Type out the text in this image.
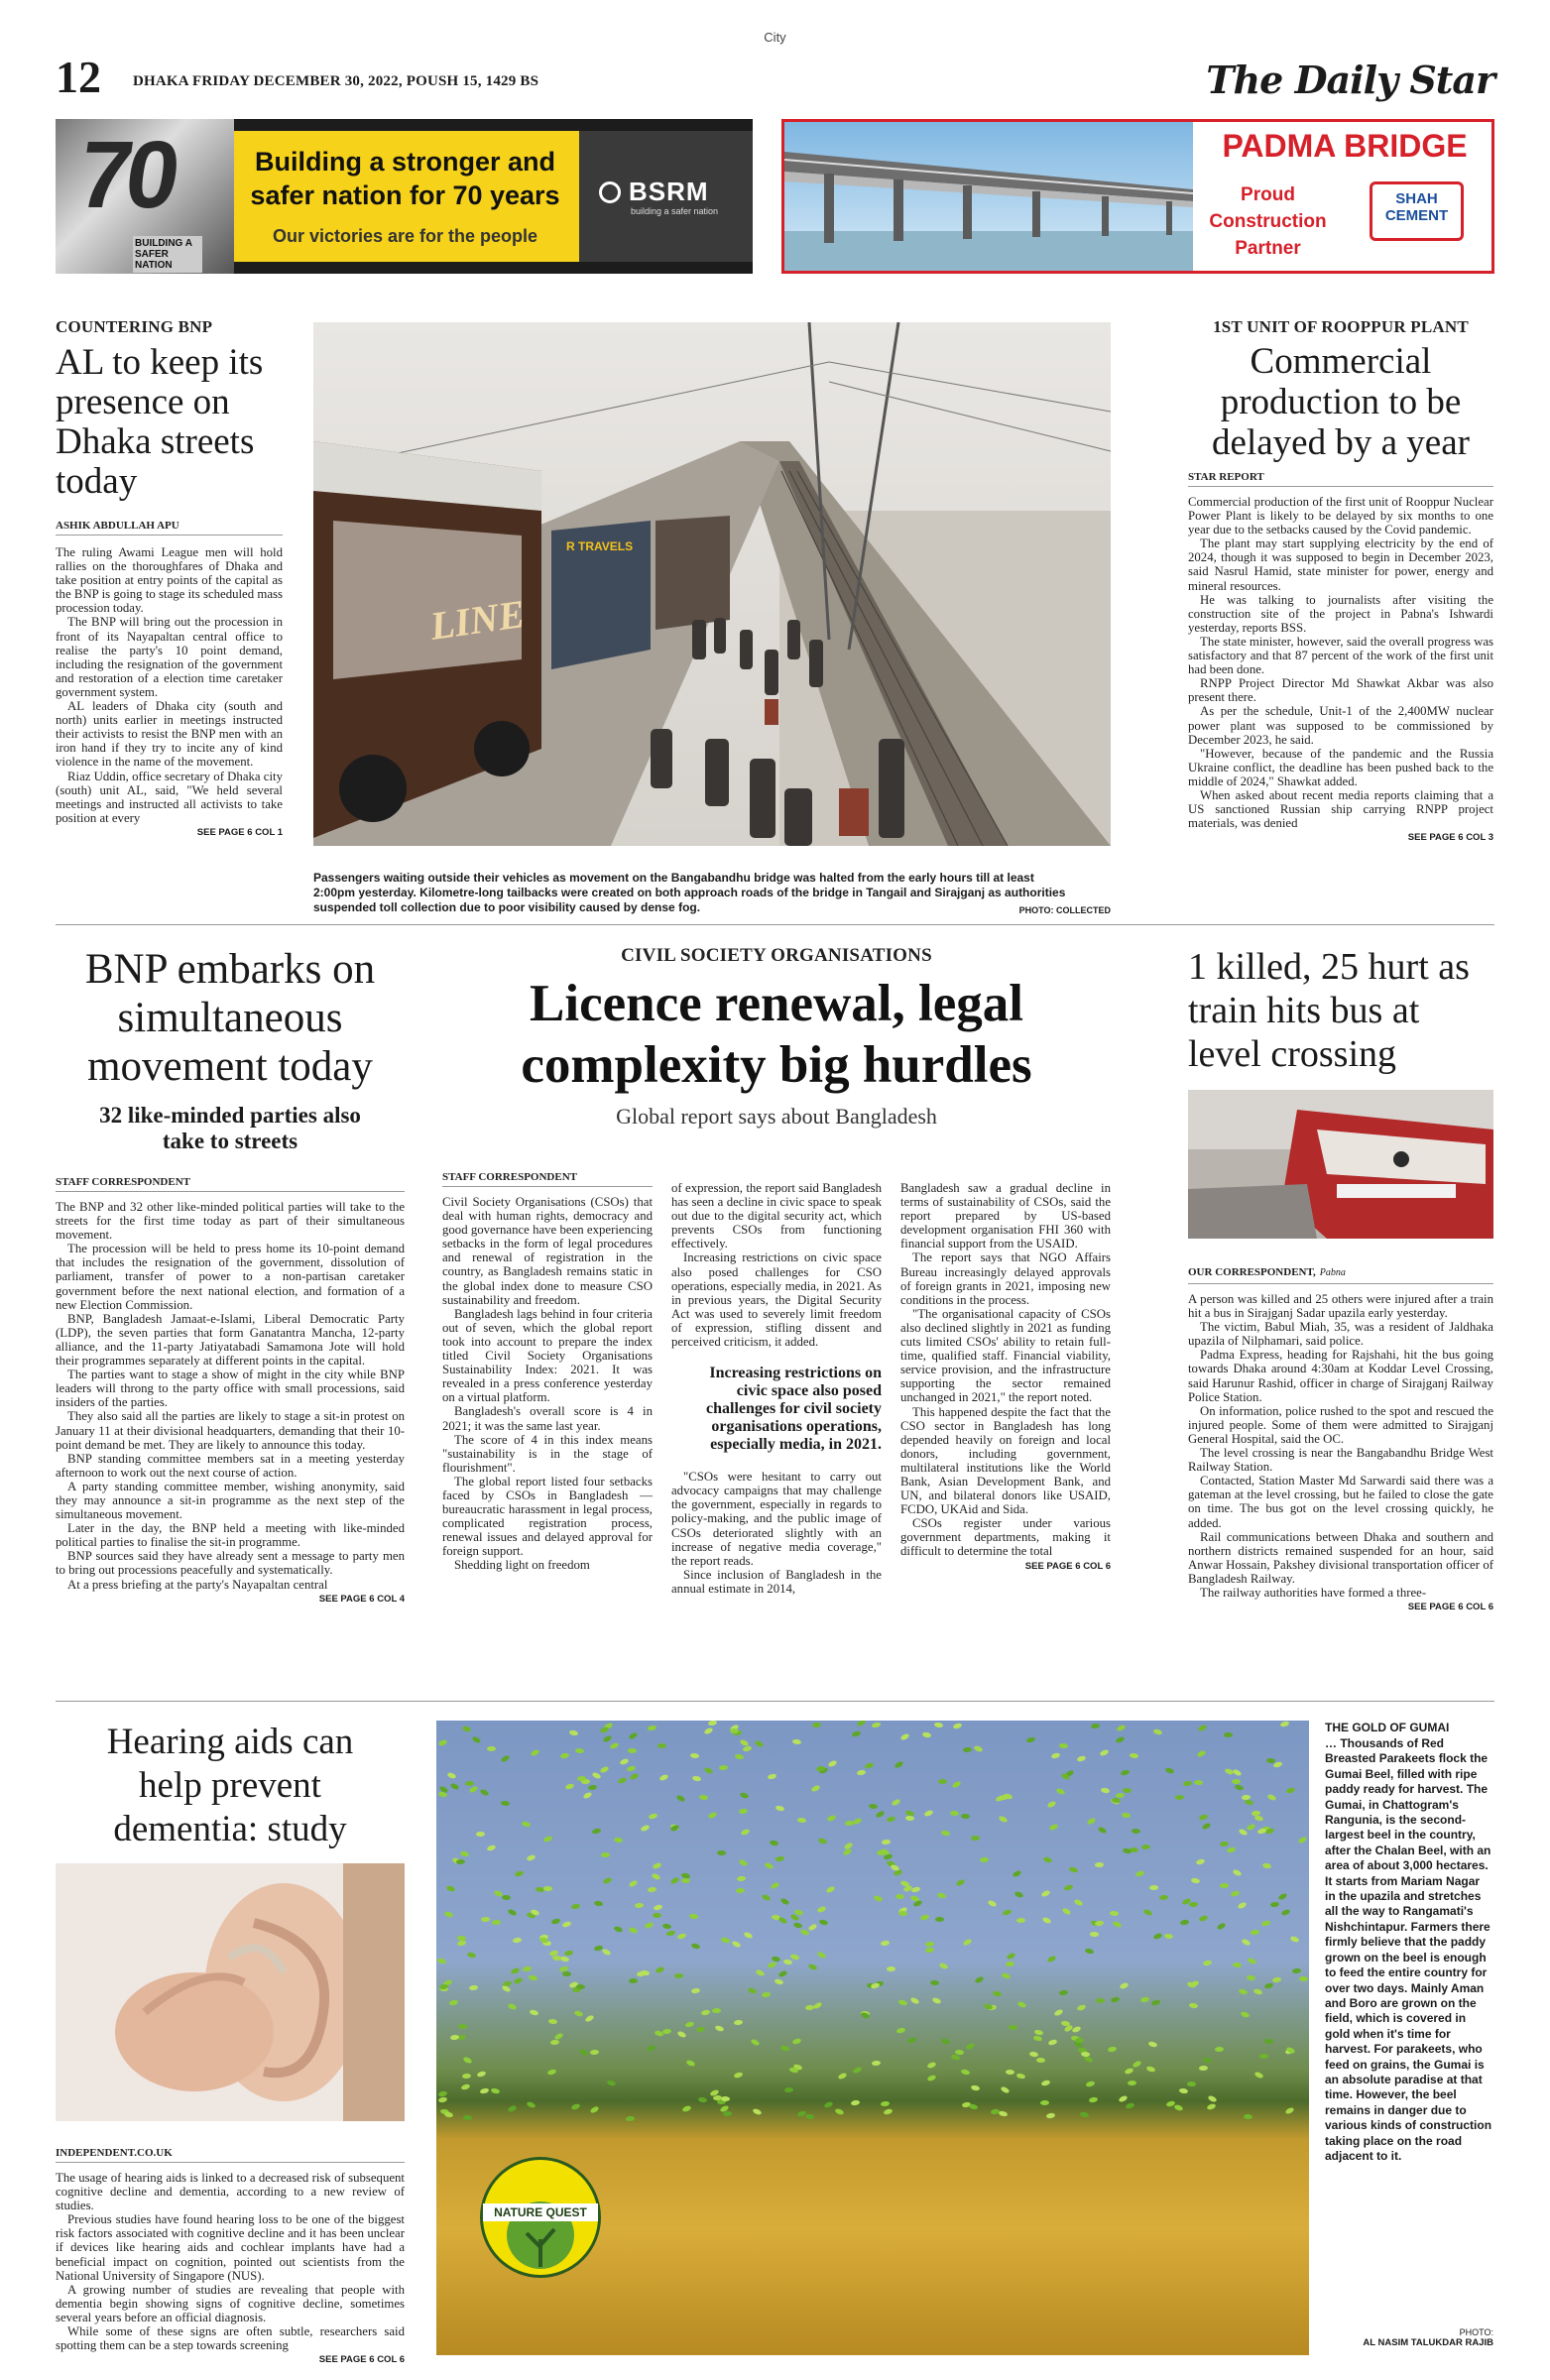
City
12 DHAKA FRIDAY DECEMBER 30, 2022, POUSH 15, 1429 BS	The Daily Star
70
BUILDING A SAFER NATION
Building a stronger and safer nation for 70 years
Our victories are for the people
BSRM
building a safer nation
PADMA BRIDGE
Proud Construction Partner
SHAH CEMENT
COUNTERING BNP
AL to keep its presence on Dhaka streets today
ASHIK ABDULLAH APU

The ruling Awami League men will hold rallies on the thoroughfares of Dhaka and take position at entry points of the capital as the BNP is going to stage its scheduled mass procession today.

The BNP will bring out the procession in front of its Nayapaltan central office to realise the party's 10 point demand, including the resignation of the government and restoration of a election time caretaker government system.

AL leaders of Dhaka city (south and north) units earlier in meetings instructed their activists to resist the BNP men with an iron hand if they try to incite any of kind violence in the name of the movement.

Riaz Uddin, office secretary of Dhaka city (south) unit AL, said, "We held several meetings and instructed all activists to take position at every

SEE PAGE 6 COL 1
LINE
R TRAVELS
Passengers waiting outside their vehicles as movement on the Bangabandhu bridge was halted from the early hours till at least 2:00pm yesterday. Kilometre-long tailbacks were created on both approach roads of the bridge in Tangail and Sirajganj as authorities suspended toll collection due to poor visibility caused by dense fog.	PHOTO: COLLECTED
1ST UNIT OF ROOPPUR PLANT
Commercial production to be delayed by a year
STAR REPORT

Commercial production of the first unit of Rooppur Nuclear Power Plant is likely to be delayed by six months to one year due to the setbacks caused by the Covid pandemic.

The plant may start supplying electricity by the end of 2024, though it was supposed to begin in December 2023, said Nasrul Hamid, state minister for power, energy and mineral resources.

He was talking to journalists after visiting the construction site of the project in Pabna's Ishwardi yesterday, reports BSS.

The state minister, however, said the overall progress was satisfactory and that 87 percent of the work of the first unit had been done.

RNPP Project Director Md Shawkat Akbar was also present there.

As per the schedule, Unit-1 of the 2,400MW nuclear power plant was supposed to be commissioned by December 2023, he said.

"However, because of the pandemic and the Russia Ukraine conflict, the deadline has been pushed back to the middle of 2024," Shawkat added.

When asked about recent media reports claiming that a US sanctioned Russian ship carrying RNPP project materials, was denied

SEE PAGE 6 COL 3
BNP embarks on simultaneous movement today
32 like-minded parties also take to streets
STAFF CORRESPONDENT

The BNP and 32 other like-minded political parties will take to the streets for the first time today as part of their simultaneous movement.

The procession will be held to press home its 10-point demand that includes the resignation of the government, dissolution of parliament, transfer of power to a non-partisan caretaker government before the next national election, and formation of a new Election Commission.

BNP, Bangladesh Jamaat-e-Islami, Liberal Democratic Party (LDP), the seven parties that form Ganatantra Mancha, 12-party alliance, and the 11-party Jatiyatabadi Samamona Jote will hold their programmes separately at different points in the capital.

The parties want to stage a show of might in the city while BNP leaders will throng to the party office with small processions, said insiders of the parties.

They also said all the parties are likely to stage a sit-in protest on January 11 at their divisional headquarters, demanding that their 10-point demand be met. They are likely to announce this today.

BNP standing committee members sat in a meeting yesterday afternoon to work out the next course of action.

A party standing committee member, wishing anonymity, said they may announce a sit-in programme as the next step of the simultaneous movement.

Later in the day, the BNP held a meeting with like-minded political parties to finalise the sit-in programme.

BNP sources said they have already sent a message to party men to bring out processions peacefully and systematically.

At a press briefing at the party's Nayapaltan central

SEE PAGE 6 COL 4
CIVIL SOCIETY ORGANISATIONS
Licence renewal, legal complexity big hurdles
Global report says about Bangladesh
STAFF CORRESPONDENT

Civil Society Organisations (CSOs) that deal with human rights, democracy and good governance have been experiencing setbacks in the form of legal procedures and renewal of registration in the country, as Bangladesh remains static in the global index done to measure CSO sustainability and freedom.

Bangladesh lags behind in four criteria out of seven, which the global report took into account to prepare the index titled Civil Society Organisations Sustainability Index: 2021. It was revealed in a press conference yesterday on a virtual platform.

Bangladesh's overall score is 4 in 2021; it was the same last year.

The score of 4 in this index means "sustainability is in the stage of flourishment".

The global report listed four setbacks faced by CSOs in Bangladesh — bureaucratic harassment in legal process, complicated registration process, renewal issues and delayed approval for foreign support.

Shedding light on freedom

of expression, the report said Bangladesh has seen a decline in civic space to speak out due to the digital security act, which prevents CSOs from functioning effectively.

Increasing restrictions on civic space also posed challenges for CSO operations, especially media, in 2021. As in previous years, the Digital Security Act was used to severely limit freedom of expression, stifling dissent and perceived criticism, it added.

Increasing restrictions on civic space also posed challenges for civil society organisations operations, especially media, in 2021.

"CSOs were hesitant to carry out advocacy campaigns that may challenge the government, especially in regards to policy-making, and the public image of CSOs deteriorated slightly with an increase of negative media coverage," the report reads.

Since inclusion of Bangladesh in the annual estimate in 2014,

Bangladesh saw a gradual decline in terms of sustainability of CSOs, said the report prepared by US-based development organisation FHI 360 with financial support from the USAID.

The report says that NGO Affairs Bureau increasingly delayed approvals of foreign grants in 2021, imposing new conditions in the process.

"The organisational capacity of CSOs also declined slightly in 2021 as funding cuts limited CSOs' ability to retain full-time, qualified staff. Financial viability, service provision, and the infrastructure supporting the sector remained unchanged in 2021," the report noted.

This happened despite the fact that the CSO sector in Bangladesh has long depended heavily on foreign and local donors, including government, multilateral institutions like the World Bank, Asian Development Bank, and UN, and bilateral donors like USAID, FCDO, UKAid and Sida.

CSOs register under various government departments, making it difficult to determine the total

SEE PAGE 6 COL 6
1 killed, 25 hurt as train hits bus at level crossing
OUR CORRESPONDENT, Pabna

A person was killed and 25 others were injured after a train hit a bus in Sirajganj Sadar upazila early yesterday.

The victim, Babul Miah, 35, was a resident of Jaldhaka upazila of Nilphamari, said police.

Padma Express, heading for Rajshahi, hit the bus going towards Dhaka around 4:30am at Koddar Level Crossing, said Harunur Rashid, officer in charge of Sirajganj Railway Police Station.

On information, police rushed to the spot and rescued the injured people. Some of them were admitted to Sirajganj General Hospital, said the OC.

The level crossing is near the Bangabandhu Bridge West Railway Station.

Contacted, Station Master Md Sarwardi said there was a gateman at the level crossing, but he failed to close the gate on time. The bus got on the level crossing quickly, he added.

Rail communications between Dhaka and southern and northern districts remained suspended for an hour, said Anwar Hossain, Pakshey divisional transportation officer of Bangladesh Railway.

The railway authorities have formed a three-

SEE PAGE 6 COL 6
Hearing aids can help prevent dementia: study
INDEPENDENT.CO.UK

The usage of hearing aids is linked to a decreased risk of subsequent cognitive decline and dementia, according to a new review of studies.

Previous studies have found hearing loss to be one of the biggest risk factors associated with cognitive decline and it has been unclear if devices like hearing aids and cochlear implants have had a beneficial impact on cognition, pointed out scientists from the National University of Singapore (NUS).

A growing number of studies are revealing that people with dementia begin showing signs of cognitive decline, sometimes several years before an official diagnosis.

While some of these signs are often subtle, researchers said spotting them can be a step towards screening

SEE PAGE 6 COL 6
NATURE QUEST
THE GOLD OF GUMAI
… Thousands of Red Breasted Parakeets flock the Gumai Beel, filled with ripe paddy ready for harvest. The Gumai, in Chattogram's Rangunia, is the second-largest beel in the country, after the Chalan Beel, with an area of about 3,000 hectares. It starts from Mariam Nagar in the upazila and stretches all the way to Rangamati's Nishchintapur. Farmers there firmly believe that the paddy grown on the beel is enough to feed the entire country for over two days. Mainly Aman and Boro are grown on the field, which is covered in gold when it's time for harvest. For parakeets, who feed on grains, the Gumai is an absolute paradise at that time. However, the beel remains in danger due to various kinds of construction taking place on the road adjacent to it.
PHOTO:
AL NASIM TALUKDAR RAJIB
